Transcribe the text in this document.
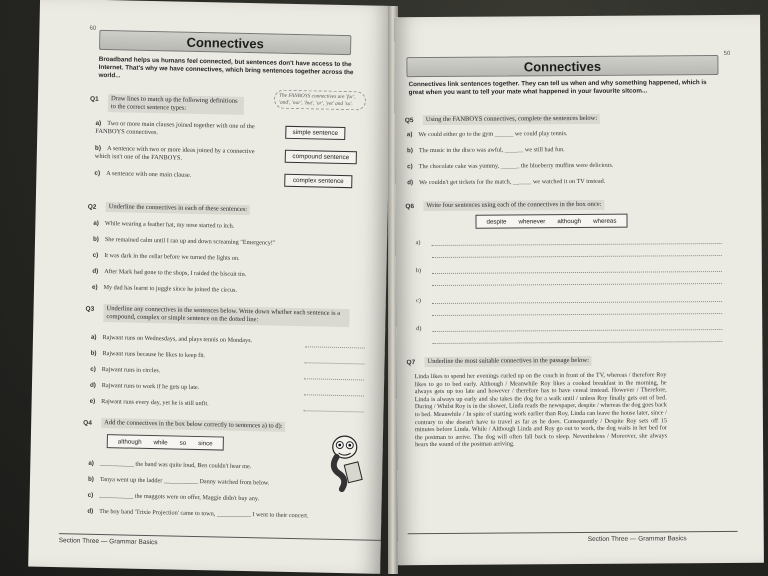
60
Connectives
Broadband helps us humans feel connected, but sentences don't have access to the Internet. That's why we have connectives, which bring sentences together across the world...
Q1	Draw lines to match up the following definitions to the correct sentence types:
The FANBOYS connectives are 'for', 'and', 'nor', 'but', 'or', 'yet' and 'so'.
a) Two or more main clauses joined together with one of the FANBOYS connectives.
b) A sentence with two or more ideas joined by a connective which isn't one of the FANBOYS.
c) A sentence with one main clause.
simple sentence
compound sentence
complex sentence
Q2	Underline the connectives in each of these sentences:
a) While wearing a feather hat, my nose started to itch.
b) She remained calm until I ran up and down screaming "Emergency!"
c) It was dark in the cellar before we turned the lights on.
d) After Mark had gone to the shops, I raided the biscuit tin.
e) My dad has learnt to juggle since he joined the circus.
Q3	Underline any connectives in the sentences below. Write down whether each sentence is a compound, complex or simple sentence on the dotted line:
a) Rajwant runs on Wednesdays, and plays tennis on Mondays.
b) Rajwant runs because he likes to keep fit.
c) Rajwant runs in circles.
d) Rajwant runs to work if he gets up late.
e) Rajwant runs every day, yet he is still unfit.
Q4	Add the connectives in the box below correctly to sentences a) to d):
although while so since
a) ___________ the band was quite loud, Ben couldn't hear me.
b) Tanya went up the ladder ___________ Danny watched from below.
c) ___________ the maggots were on offer, Maggie didn't buy any.
d) The boy band 'Trixie Projection' came to town, ___________ I went to their concert.
Section Three — Grammar Basics
50
Connectives
Connectives link sentences together. They can tell us when and why something happened, which is great when you want to tell your mate what happened in your favourite sitcom...
Q5	Using the FANBOYS connectives, complete the sentences below:
a) We could either go to the gym ______ we could play tennis.
b) The music in the disco was awful, ______ we still had fun.
c) The chocolate cake was yummy, ______ the blueberry muffins were delicious.
d) We couldn't get tickets for the match, ______ we watched it on TV instead.
Q6	Write four sentences using each of the connectives in the box once:
despite whenever although whereas
a)
b)
c)
d)
Q7	Underline the most suitable connectives in the passage below:
Linda likes to spend her evenings curled up on the couch in front of the TV, whereas / therefore Roy likes to go to bed early. Although / Meanwhile Roy likes a cooked breakfast in the morning, he always gets up too late and however / therefore has to have cereal instead. However / Therefore, Linda is always up early and she takes the dog for a walk until / unless Roy finally gets out of bed. During / Whilst Roy is in the shower, Linda reads the newspaper, despite / whereas the dog goes back to bed. Meanwhile / In spite of starting work earlier than Roy, Linda can leave the house later, since / contrary to she doesn't have to travel as far as he does. Consequently / Despite Roy sets off 15 minutes before Linda. While / Although Linda and Roy go out to work, the dog waits in her bed for the postman to arrive. The dog will often fall back to sleep. Nevertheless / Moreover, she always hears the sound of the postman arriving.
Section Three — Grammar Basics
